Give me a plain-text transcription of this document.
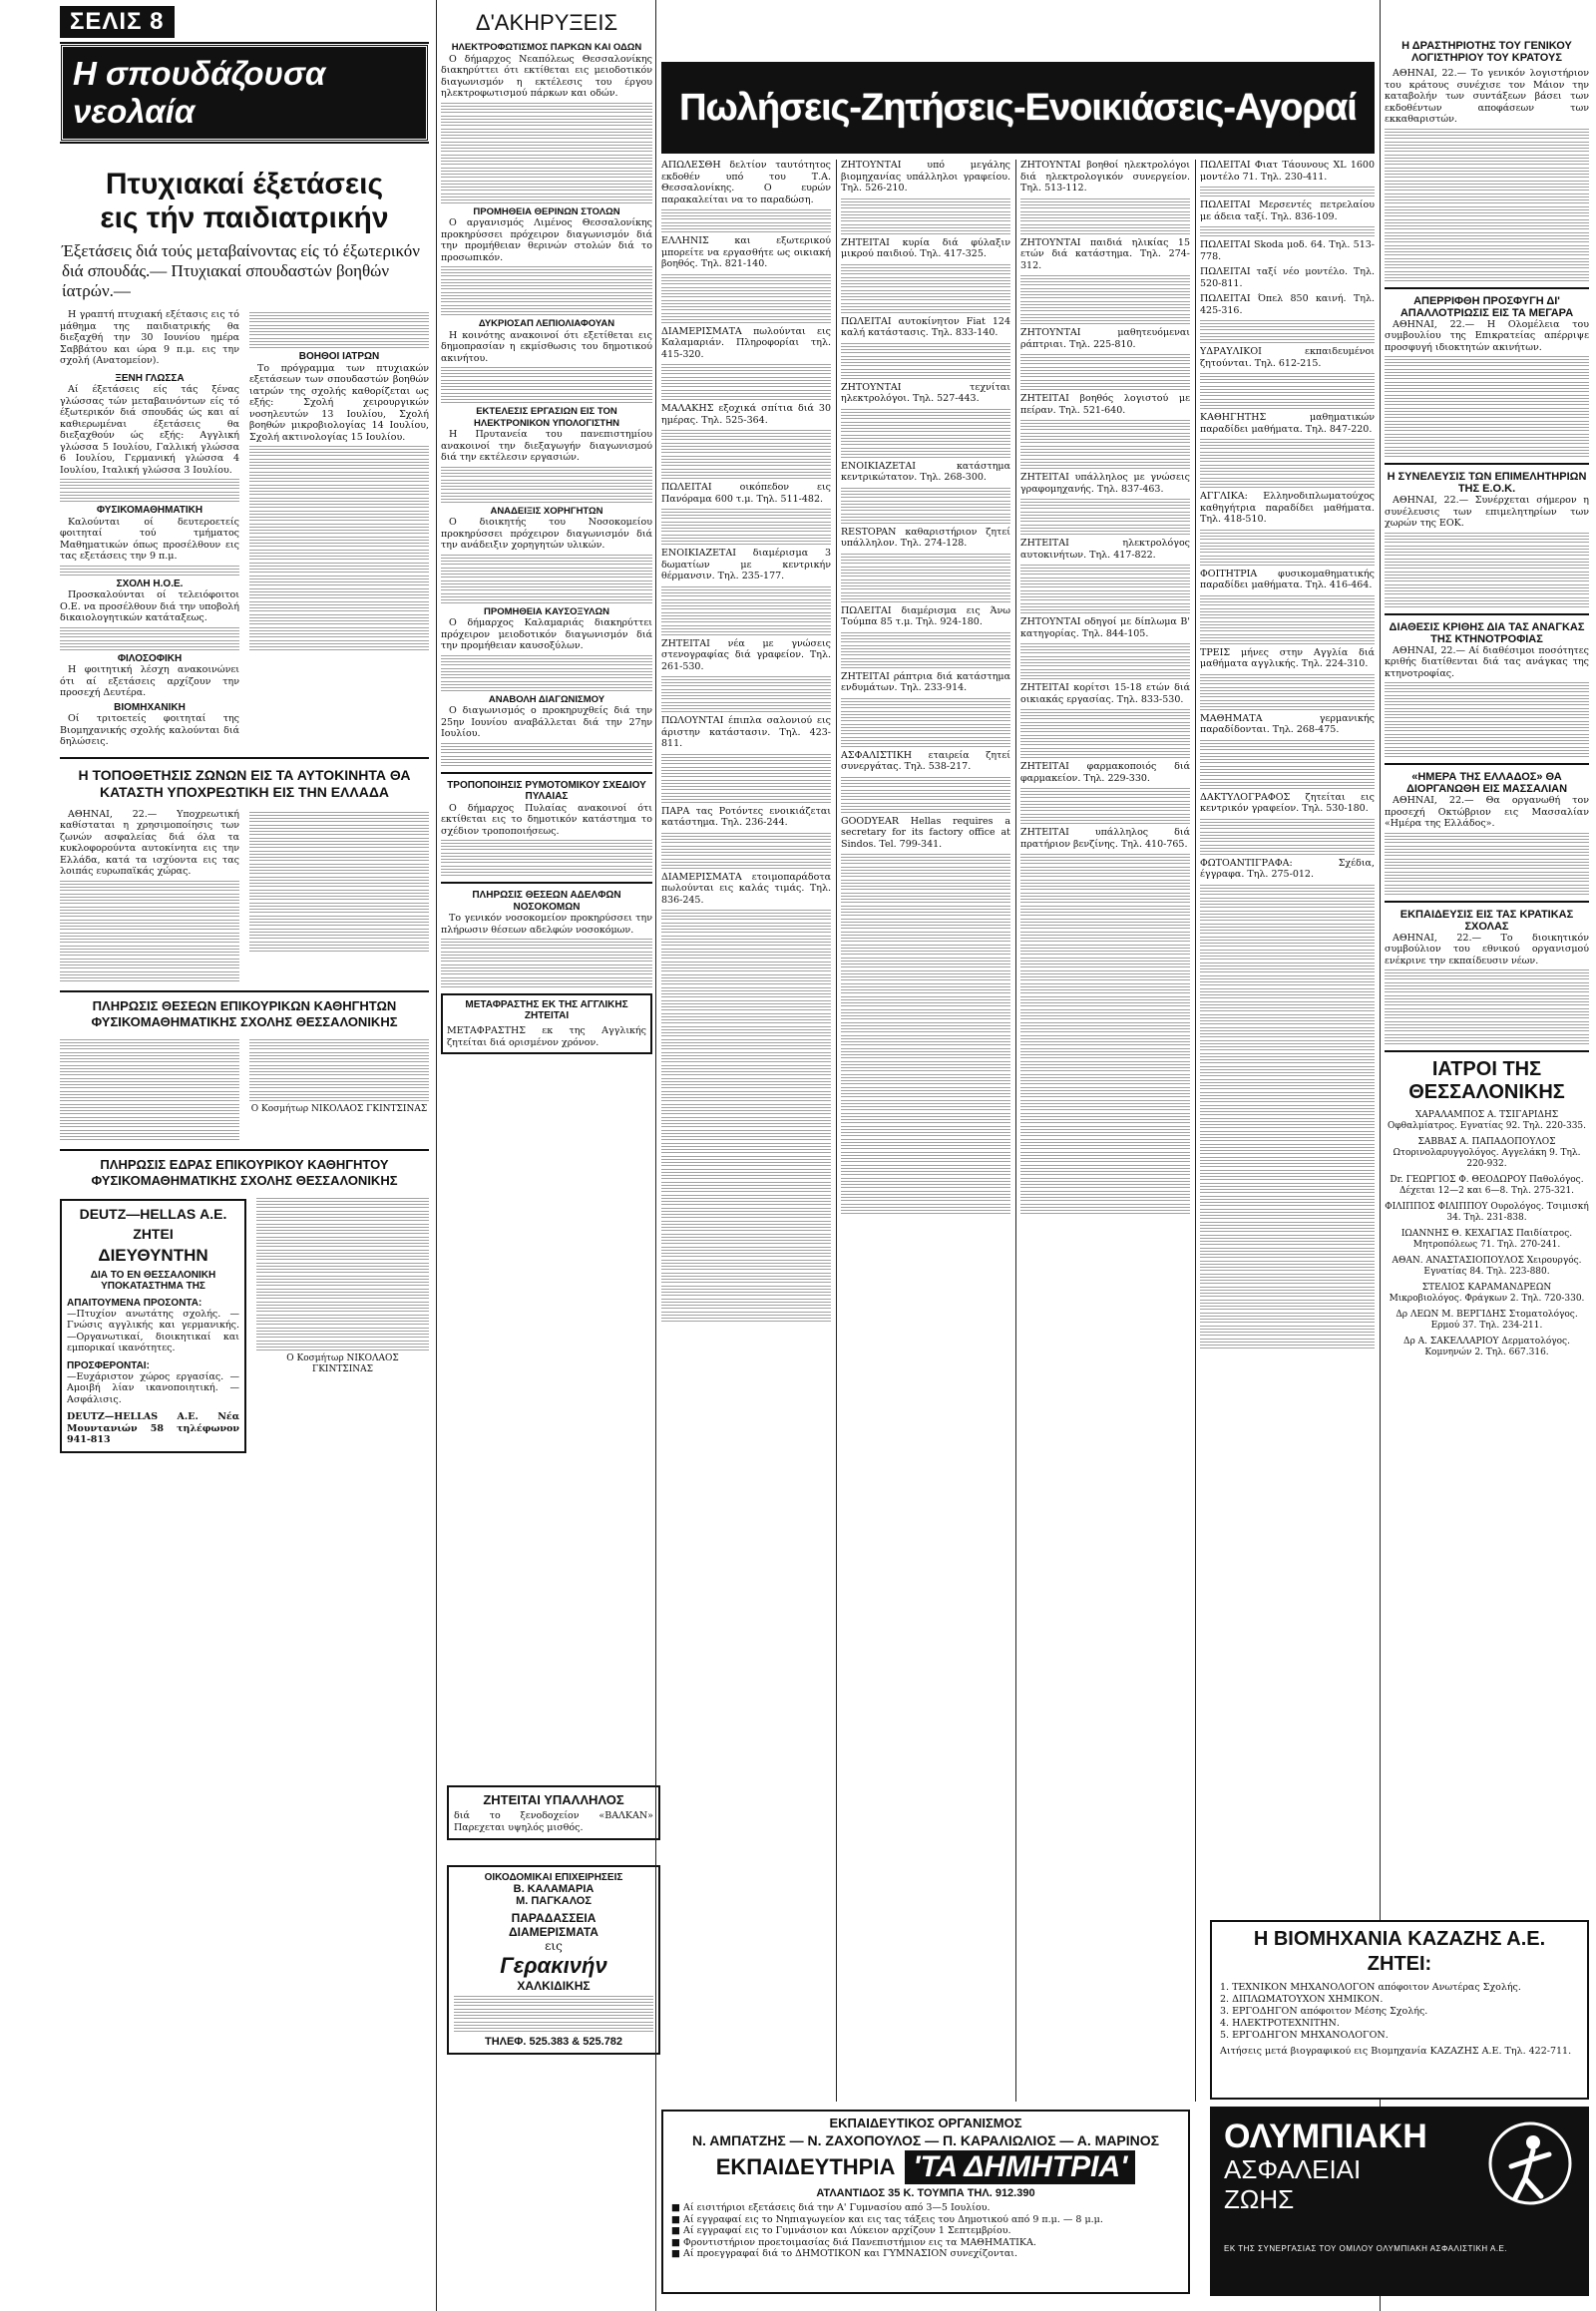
ΣΕΛΙΣ 8
Η σπουδάζουσα νεολαία
Πτυχιακαί έξετάσεις εις τήν παιδιατρικήν
Έξετάσεις διά τούς μεταβαίνοντας είς τό έξωτερικόν διά σπουδάς.— Πτυχιακαί σπουδαστών βοηθών ίατρών.—

Η γραπτή πτυχιακή εξέτασις εις τό μάθημα της παιδιατρικής θα διεξαχθή την 30 Ιουνίου ημέρα Σαββάτου και ώρα 9 π.μ. εις την σχολή (Ανατομείον).

ΞΕΝΗ ΓΛΩΣΣΑ

Αί έξετάσεις είς τάς ξένας γλώσσας τών μεταβαινόντων είς τό έξωτερικόν διά σπουδάς ώς και αί καθιερωμέναι έξετάσεις θα διεξαχθούν ώς εξής: Αγγλική γλώσσα 5 Ιουλίου, Γαλλική γλώσσα 6 Ιουλίου, Γερμανική γλώσσα 4 Ιουλίου, Ιταλική γλώσσα 3 Ιουλίου.

ΦΥΣΙΚΟΜΑΘΗΜΑΤΙΚΗ

Καλούνται οί δευτεροετείς φοιτηταί τού τμήματος Μαθηματικών όπως προσέλθουν εις τας εξετάσεις την 9 π.μ.

ΣΧΟΛΗ Η.Ο.Ε.

Προσκαλούνται οί τελειόφοιτοι Ο.Ε. να προσέλθουν διά την υποβολή δικαιολογητικών κατάταξεως.

ΦΙΛΟΣΟΦΙΚΗ

Η φοιτητική λέσχη ανακοινώνει ότι αί εξετάσεις αρχίζουν την προσεχή Δευτέρα.

ΒΙΟΜΗΧΑΝΙΚΗ

Οί τριτοετείς φοιτηταί της Βιομηχανικής σχολής καλούνται διά δηλώσεις.

ΒΟΗΘΟΙ ΙΑΤΡΩΝ

Το πρόγραμμα των πτυχιακών εξετάσεων των σπουδαστών βοηθών ιατρών της σχολής καθορίζεται ως εξής: Σχολή χειρουργικών νοσηλευτών 13 Ιουλίου, Σχολή βοηθών μικροβιολογίας 14 Ιουλίου, Σχολή ακτινολογίας 15 Ιουλίου.

Η ΤΟΠΟΘΕΤΗΣΙΣ ΖΩΝΩΝ ΕΙΣ ΤΑ ΑΥΤΟΚΙΝΗΤΑ ΘΑ ΚΑΤΑΣΤΗ ΥΠΟΧΡΕΩΤΙΚΗ ΕΙΣ ΤΗΝ ΕΛΛΑΔΑ

ΑΘΗΝΑΙ, 22.— Υποχρεωτική καθίσταται η χρησιμοποίησις των ζωνών ασφαλείας διά όλα τα κυκλοφορούντα αυτοκίνητα εις την Ελλάδα, κατά τα ισχύοντα εις τας λοιπάς ευρωπαϊκάς χώρας.

ΠΛΗΡΩΣΙΣ ΘΕΣΕΩΝ ΕΠΙΚΟΥΡΙΚΩΝ ΚΑΘΗΓΗΤΩΝ ΦΥΣΙΚΟΜΑΘΗΜΑΤΙΚΗΣ ΣΧΟΛΗΣ ΘΕΣΣΑΛΟΝΙΚΗΣ
Ο Κοσμήτωρ ΝΙΚΟΛΑΟΣ ΓΚΙΝΤΣΙΝΑΣ
ΠΛΗΡΩΣΙΣ ΕΔΡΑΣ ΕΠΙΚΟΥΡΙΚΟΥ ΚΑΘΗΓΗΤΟΥ ΦΥΣΙΚΟΜΑΘΗΜΑΤΙΚΗΣ ΣΧΟΛΗΣ ΘΕΣΣΑΛΟΝΙΚΗΣ
DEUTZ—HELLAS Α.Ε.
ΖΗΤΕΙ
ΔΙΕΥΘΥΝΤΗΝ
ΔΙΑ ΤΟ ΕΝ ΘΕΣΣΑΛΟΝΙΚΗ ΥΠΟΚΑΤΑΣΤΗΜΑ ΤΗΣ
ΑΠΑΙΤΟΥΜΕΝΑ ΠΡΟΣΟΝΤΑ:
—Πτυχίον ανωτάτης σχολής. —Γνώσις αγγλικής και γερμανικής. —Οργανωτικαί, διοικητικαί και εμπορικαί ικανότητες.
ΠΡΟΣΦΕΡΟΝΤΑΙ:
—Ευχάριστον χώρος εργασίας. —Αμοιβή λίαν ικανοποιητική. —Ασφάλισις.
DEUTZ—HELLAS Α.Ε. Νέα Μουντανιών 58 τηλέφωνον 941-813
Ο Κοσμήτωρ ΝΙΚΟΛΑΟΣ ΓΚΙΝΤΣΙΝΑΣ
Δ'ΑΚΗΡΥΞΕΙΣ
ΗΛΕΚΤΡΟΦΩΤΙΣΜΟΣ ΠΑΡΚΩΝ ΚΑΙ ΟΔΩΝ

Ο δήμαρχος Νεαπόλεως Θεσσαλονίκης διακηρύττει ότι εκτίθεται εις μειοδοτικόν διαγωνισμόν η εκτέλεσις του έργου ηλεκτροφωτισμού πάρκων και οδών.

ΠΡΟΜΗΘΕΙΑ ΘΕΡΙΝΩΝ ΣΤΟΛΩΝ

Ο αργανισμός Λιμένος Θεσσαλονίκης προκηρύσσει πρόχειρον διαγωνισμόν διά την προμήθειαν θερινών στολών διά το προσωπικόν.

ΔΥΚΡΙΟΣΑΠ ΛΕΠΙΟΛΙΑΦΟΥΑΝ

Η κοινότης ανακοινοί ότι εξετίθεται εις δημοπρασίαν η εκμίσθωσις του δημοτικού ακινήτου.

ΕΚΤΕΛΕΣΙΣ ΕΡΓΑΣΙΩΝ ΕΙΣ ΤΟΝ ΗΛΕΚΤΡΟΝΙΚΟΝ ΥΠΟΛΟΓΙΣΤΗΝ

Η Πρυτανεία του πανεπιστημίου ανακοινοί την διεξαγωγήν διαγωνισμού διά την εκτέλεσιν εργασιών.

ΑΝΑΔΕΙΞΙΣ ΧΟΡΗΓΗΤΩΝ

Ο διοικητής του Νοσοκομείου προκηρύσσει πρόχειρον διαγωνισμόν διά την ανάδειξιν χορηγητών υλικών.

ΠΡΟΜΗΘΕΙΑ ΚΑΥΣΟΞΥΛΩΝ

Ο δήμαρχος Καλαμαριάς διακηρύττει πρόχειρον μειοδοτικόν διαγωνισμόν διά την προμήθειαν καυσοξύλων.

ΑΝΑΒΟΛΗ ΔΙΑΓΩΝΙΣΜΟΥ

Ο διαγωνισμός ο προκηρυχθείς διά την 25ην Ιουνίου αναβάλλεται διά την 27ην Ιουλίου.

ΤΡΟΠΟΠΟΙΗΣΙΣ ΡΥΜΟΤΟΜΙΚΟΥ ΣΧΕΔΙΟΥ ΠΥΛΑΙΑΣ

Ο δήμαρχος Πυλαίας ανακοινοί ότι εκτίθεται εις το δημοτικόν κατάστημα το σχέδιον τροποποιήσεως.

ΠΛΗΡΩΣΙΣ ΘΕΣΕΩΝ ΑΔΕΛΦΩΝ ΝΟΣΟΚΟΜΩΝ

Το γενικόν νοσοκομείον προκηρύσσει την πλήρωσιν θέσεων αδελφών νοσοκόμων.

ΜΕΤΑΦΡΑΣΤΗΣ ΕΚ ΤΗΣ ΑΓΓΛΙΚΗΣ ΖΗΤΕΙΤΑΙ
ΜΕΤΑΦΡΑΣΤΗΣ εκ της Αγγλικής ζητείται διά ορισμένον χρόνον.
ΖΗΤΕΙΤΑΙ ΥΠΑΛΛΗΛΟΣ
διά το ξενοδοχείον «ΒΑΛΚΑΝ» Παρεχεται υψηλός μισθός.
ΟΙΚΟΔΟΜΙΚΑΙ ΕΠΙΧΕΙΡΗΣΕΙΣ
Β. ΚΑΛΑΜΑΡΙΑ
Μ. ΠΑΓΚΑΛΟΣ
ΠΑΡΑΔΑΣΣΕΙΑ
ΔΙΑΜΕΡΙΣΜΑΤΑ
εις
Γερακινήν
ΧΑΛΚΙΔΙΚΗΣ
ΤΗΛΕΦ. 525.383 & 525.782
Πωλήσεις-Ζητήσεις-Ενοικιάσεις-Αγοραί
ΑΠΩΛΕΣΘΗ δελτίον ταυτότητος εκδοθέν υπό του Τ.Α. Θεσσαλονίκης. Ο ευρών παρακαλείται να το παραδώση.
ΕΛΛΗΝΙΣ και εξωτερικού μπορείτε να εργασθήτε ως οικιακή βοηθός. Τηλ. 821-140.
ΔΙΑΜΕΡΙΣΜΑΤΑ πωλούνται εις Καλαμαριάν. Πληροφορίαι τηλ. 415-320.
ΜΑΛΑΚΗΣ εξοχικά σπίτια διά 30 ημέρας. Τηλ. 525-364.
ΠΩΛΕΙΤΑΙ οικόπεδον εις Πανόραμα 600 τ.μ. Τηλ. 511-482.
ΕΝΟΙΚΙΑΖΕΤΑΙ διαμέρισμα 3 δωματίων με κεντρικήν θέρμανσιν. Τηλ. 235-177.
ΖΗΤΕΙΤΑΙ νέα με γνώσεις στενογραφίας διά γραφείον. Τηλ. 261-530.
ΠΩΛΟΥΝΤΑΙ έπιπλα σαλονιού εις άριστην κατάστασιν. Τηλ. 423-811.
ΠΑΡΑ τας Ροτόντες ενοικιάζεται κατάστημα. Τηλ. 236-244.
ΔΙΑΜΕΡΙΣΜΑΤΑ ετοιμοπαράδοτα πωλούνται εις καλάς τιμάς. Τηλ. 836-245.
ΖΗΤΟΥΝΤΑΙ υπό μεγάλης βιομηχανίας υπάλληλοι γραφείου. Τηλ. 526-210.
ΖΗΤΕΙΤΑΙ κυρία διά φύλαξιν μικρού παιδιού. Τηλ. 417-325.
ΠΩΛΕΙΤΑΙ αυτοκίνητον Fiat 124 καλή κατάστασις. Τηλ. 833-140.
ΖΗΤΟΥΝΤΑΙ τεχνίται ηλεκτρολόγοι. Τηλ. 527-443.
ΕΝΟΙΚΙΑΖΕΤΑΙ κατάστημα κεντρικώτατον. Τηλ. 268-300.
RESTOPAN καθαριστήριον ζητεί υπάλληλον. Τηλ. 274-128.
ΠΩΛΕΙΤΑΙ διαμέρισμα εις Άνω Τούμπα 85 τ.μ. Τηλ. 924-180.
ΖΗΤΕΙΤΑΙ ράπτρια διά κατάστημα ενδυμάτων. Τηλ. 233-914.
ΑΣΦΑΛΙΣΤΙΚΗ εταιρεία ζητεί συνεργάτας. Τηλ. 538-217.
GOODYEAR Hellas requires a secretary for its factory office at Sindos. Tel. 799-341.
ΖΗΤΟΥΝΤΑΙ βοηθοί ηλεκτρολόγοι διά ηλεκτρολογικόν συνεργείον. Τηλ. 513-112.
ΖΗΤΟΥΝΤΑΙ παιδιά ηλικίας 15 ετών διά κατάστημα. Τηλ. 274-312.
ΖΗΤΟΥΝΤΑΙ μαθητευόμεναι ράπτριαι. Τηλ. 225-810.
ΖΗΤΕΙΤΑΙ βοηθός λογιστού με πείραν. Τηλ. 521-640.
ΖΗΤΕΙΤΑΙ υπάλληλος με γνώσεις γραφομηχανής. Τηλ. 837-463.
ΖΗΤΕΙΤΑΙ ηλεκτρολόγος αυτοκινήτων. Τηλ. 417-822.
ΖΗΤΟΥΝΤΑΙ οδηγοί με δίπλωμα Β' κατηγορίας. Τηλ. 844-105.
ΖΗΤΕΙΤΑΙ κορίτσι 15-18 ετών διά οικιακάς εργασίας. Τηλ. 833-530.
ΖΗΤΕΙΤΑΙ φαρμακοποιός διά φαρμακείον. Τηλ. 229-330.
ΖΗΤΕΙΤΑΙ υπάλληλος διά πρατήριον βενζίνης. Τηλ. 410-765.
ΠΩΛΕΙΤΑΙ Φιατ Τάουνους ΧL 1600 μοντέλο 71. Τηλ. 230-411.
ΠΩΛΕΙΤΑΙ Μερσεντές πετρελαίου με άδεια ταξί. Τηλ. 836-109.
ΠΩΛΕΙΤΑΙ Skoda μοδ. 64. Τηλ. 513-778.
ΠΩΛΕΙΤΑΙ ταξί νέο μοντέλο. Τηλ. 520-811.
ΠΩΛΕΙΤΑΙ Όπελ 850 καινή. Τηλ. 425-316.
ΥΔΡΑΥΛΙΚΟΙ εκπαιδευμένοι ζητούνται. Τηλ. 612-215.
ΚΑΘΗΓΗΤΗΣ μαθηματικών παραδίδει μαθήματα. Τηλ. 847-220.
ΑΓΓΛΙΚΑ: Ελληνοδιπλωματούχος καθηγήτρια παραδίδει μαθήματα. Τηλ. 418-510.
ΦΟΙΤΗΤΡΙΑ φυσικομαθηματικής παραδίδει μαθήματα. Τηλ. 416-464.
ΤΡΕΙΣ μήνες στην Αγγλία διά μαθήματα αγγλικής. Τηλ. 224-310.
ΜΑΘΗΜΑΤΑ γερμανικής παραδίδονται. Τηλ. 268-475.
ΔΑΚΤΥΛΟΓΡΑΦΟΣ ζητείται εις κεντρικόν γραφείον. Τηλ. 530-180.
ΦΩΤΟΑΝΤΙΓΡΑΦΑ: Σχέδια, έγγραφα. Τηλ. 275-012.
ΕΚΠΑΙΔΕΥΤΙΚΟΣ ΟΡΓΑΝΙΣΜΟΣ
Ν. ΑΜΠΑΤΖΗΣ — Ν. ΖΑΧΟΠΟΥΛΟΣ — Π. ΚΑΡΑΛΙΩΛΙΟΣ — Α. ΜΑΡΙΝΟΣ
ΕΚΠΑΙΔΕΥΤΗΡΙΑ 'ΤΑ ΔΗΜΗΤΡΙΑ'
ΑΤΛΑΝΤΙΔΟΣ 35 Κ. ΤΟΥΜΠΑ ΤΗΛ. 912.390
■ Αί εισιτήριοι εξετάσεις διά την Α' Γυμνασίου από 3—5 Ιουλίου.
■ Αί εγγραφαί εις το Νηπιαγωγείον και εις τας τάξεις του Δημοτικού από 9 π.μ. — 8 μ.μ.
■ Αί εγγραφαί εις το Γυμνάσιον και Λύκειον αρχίζουν 1 Σεπτεμβρίου.
■ Φροντιστήριον προετοιμασίας διά Πανεπιστήμιον εις τα ΜΑΘΗΜΑΤΙΚΑ.
■ Αί προεγγραφαί διά το ΔΗΜΟΤΙΚΟΝ και ΓΥΜΝΑΣΙΟΝ συνεχίζονται.
Η ΔΡΑΣΤΗΡΙΟΤΗΣ ΤΟΥ ΓΕΝΙΚΟΥ ΛΟΓΙΣΤΗΡΙΟΥ ΤΟΥ ΚΡΑΤΟΥΣ

ΑΘΗΝΑΙ, 22.— Το γενικόν λογιστήριον του κράτους συνέχισε τον Μάιον την καταβολήν των συντάξεων βάσει των εκδοθέντων αποφάσεων των εκκαθαριστών.

ΑΠΕΡΡΙΦΘΗ ΠΡΟΣΦΥΓΗ ΔΙ' ΑΠΑΛΛΟΤΡΙΩΣΙΣ ΕΙΣ ΤΑ ΜΕΓΑΡΑ

ΑΘΗΝΑΙ, 22.— Η Ολομέλεια του συμβουλίου της Επικρατείας απέρριψε προσφυγή ιδιοκτητών ακινήτων.

Η ΣΥΝΕΛΕΥΣΙΣ ΤΩΝ ΕΠΙΜΕΛΗΤΗΡΙΩΝ ΤΗΣ Ε.Ο.Κ.

ΑΘΗΝΑΙ, 22.— Συνέρχεται σήμερον η συνέλευσις των επιμελητηρίων των χωρών της ΕΟΚ.

ΔΙΑΘΕΣΙΣ ΚΡΙΘΗΣ ΔΙΑ ΤΑΣ ΑΝΑΓΚΑΣ ΤΗΣ ΚΤΗΝΟΤΡΟΦΙΑΣ

ΑΘΗΝΑΙ, 22.— Αί διαθέσιμοι ποσότητες κριθής διατίθενται διά τας ανάγκας της κτηνοτροφίας.

«ΗΜΕΡΑ ΤΗΣ ΕΛΛΑΔΟΣ» ΘΑ ΔΙΟΡΓΑΝΩΘΗ ΕΙΣ ΜΑΣΣΑΛΙΑΝ

ΑΘΗΝΑΙ, 22.— Θα οργανωθή τον προσεχή Οκτώβριον εις Μασσαλίαν «Ημέρα της Ελλάδος».

ΕΚΠΑΙΔΕΥΣΙΣ ΕΙΣ ΤΑΣ ΚΡΑΤΙΚΑΣ ΣΧΟΛΑΣ

ΑΘΗΝΑΙ, 22.— Το διοικητικόν συμβούλιον του εθνικού οργανισμού ενέκρινε την εκπαίδευσιν νέων.

ΙΑΤΡΟΙ ΤΗΣ ΘΕΣΣΑΛΟΝΙΚΗΣ
ΧΑΡΑΛΑΜΠΟΣ Α. ΤΣΙΓΑΡΙΔΗΣ Οφθαλμίατρος. Εγνατίας 92. Τηλ. 220-335.
ΣΑΒΒΑΣ Α. ΠΑΠΑΔΟΠΟΥΛΟΣ Ωτορινολαρυγγολόγος. Αγγελάκη 9. Τηλ. 220-932.
Dr. ΓΕΩΡΓΙΟΣ Φ. ΘΕΟΔΩΡΟΥ Παθολόγος. Δέχεται 12—2 και 6—8. Τηλ. 275-321.
ΦΙΛΙΠΠΟΣ ΦΙΛΙΠΠΟΥ Ουρολόγος. Τσιμισκή 34. Τηλ. 231-838.
ΙΩΑΝΝΗΣ Θ. ΚΕΧΑΓΙΑΣ Παιδίατρος. Μητροπόλεως 71. Τηλ. 270-241.
ΑΘΑΝ. ΑΝΑΣΤΑΣΙΟΠΟΥΛΟΣ Χειρουργός. Εγνατίας 84. Τηλ. 223-880.
ΣΤΕΛΙΟΣ ΚΑΡΑΜΑΝΔΡΕΩΝ Μικροβιολόγος. Φράγκων 2. Τηλ. 720-330.
Δρ ΛΕΩΝ Μ. ΒΕΡΓΙΔΗΣ Στοματολόγος. Ερμού 37. Τηλ. 234-211.
Δρ Α. ΣΑΚΕΛΛΑΡΙΟΥ Δερματολόγος. Κομνηνών 2. Τηλ. 667.316.
Η ΒΙΟΜΗΧΑΝΙΑ ΚΑΖΑΖΗΣ Α.Ε.
ΖΗΤΕΙ:
1. ΤΕΧΝΙΚΟΝ ΜΗΧΑΝΟΛΟΓΟΝ απόφοιτον Ανωτέρας Σχολής.
2. ΔΙΠΛΩΜΑΤΟΥΧΟΝ ΧΗΜΙΚΟΝ.
3. ΕΡΓΟΔΗΓΟΝ απόφοιτον Μέσης Σχολής.
4. ΗΛΕΚΤΡΟΤΕΧΝΙΤΗΝ.
5. ΕΡΓΟΔΗΓΟΝ ΜΗΧΑΝΟΛΟΓΟΝ.
Αιτήσεις μετά βιογραφικού εις Βιομηχανία ΚΑΖΑΖΗΣ Α.Ε. Τηλ. 422-711.
ΟΛΥΜΠΙΑΚΗ
ΑΣΦΑΛΕΙΑΙ
ΖΩΗΣ
ΕΚ ΤΗΣ ΣΥΝΕΡΓΑΣΙΑΣ ΤΟΥ ΟΜΙΛΟΥ ΟΛΥΜΠΙΑΚΗ ΑΣΦΑΛΙΣΤΙΚΗ Α.Ε.
